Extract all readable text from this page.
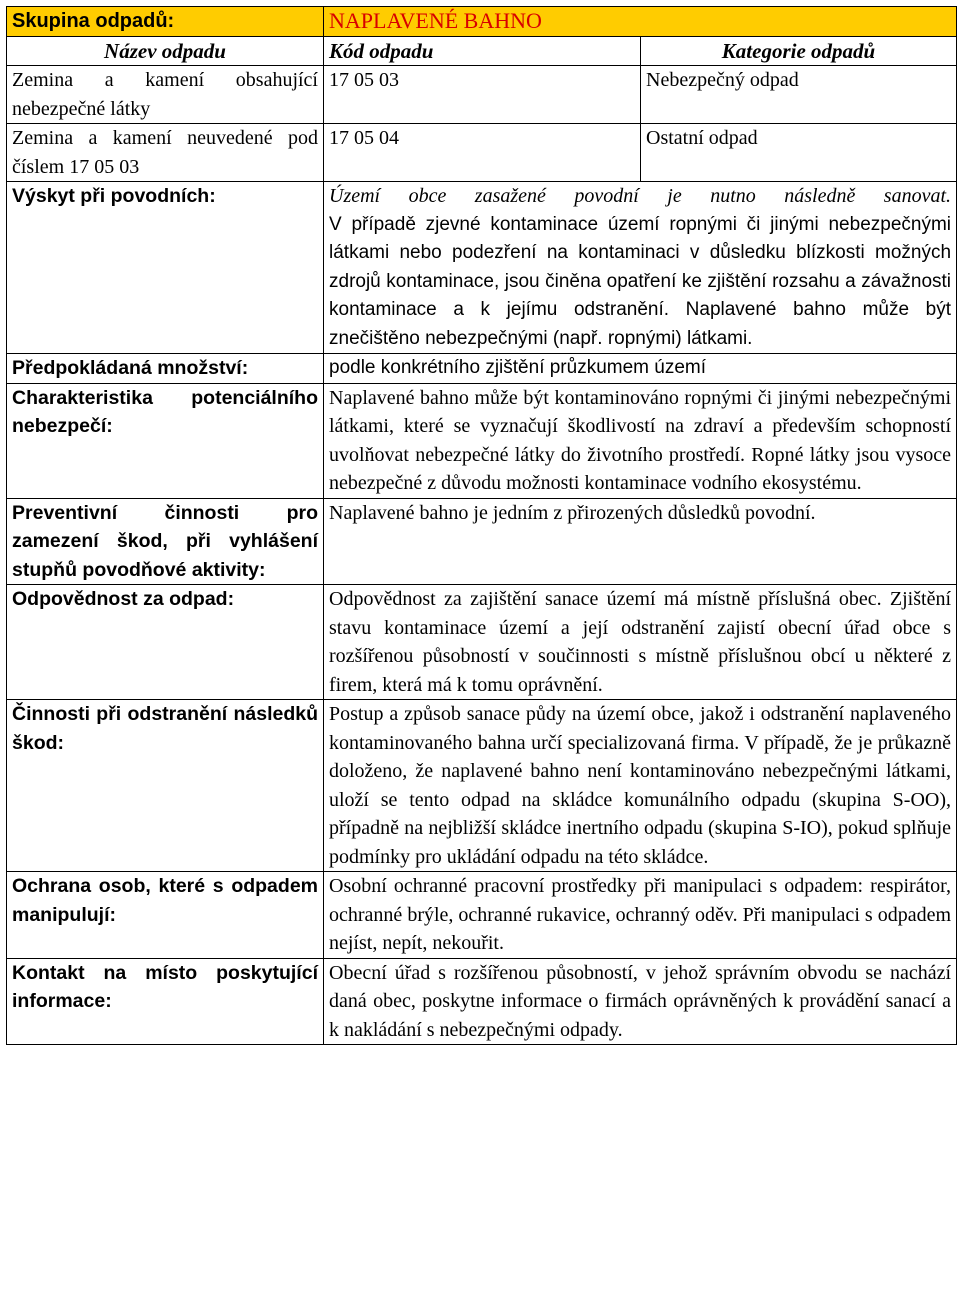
Skupina odpadů:	NAPLAVENÉ BAHNO	
Název odpadu	Kód odpadu	Kategorie odpadů
Zemina a kamení obsahující nebezpečné látky	17 05 03	Nebezpečný odpad
Zemina a kamení neuvedené pod číslem 17 05 03	17 05 04	Ostatní odpad
Výskyt při povodních:	Území obce zasažené povodní je nutno následně sanovat.
V případě zjevné kontaminace území ropnými či jinými nebezpečnými látkami nebo podezření na kontaminaci v důsledku blízkosti možných zdrojů kontaminace, jsou činěna opatření ke zjištění rozsahu a závažnosti kontaminace a k jejímu odstranění. Naplavené bahno může být znečištěno nebezpečnými (např. ropnými) látkami.	

Předpokládaná množství:	podle konkrétního zjištění průzkumem území	
Charakteristika potenciálního nebezpečí:	Naplavené bahno může být kontaminováno ropnými či jinými nebezpečnými látkami, které se vyznačují škodlivostí na zdraví a především schopností uvolňovat nebezpečné látky do životního prostředí. Ropné látky jsou vysoce nebezpečné z důvodu možnosti kontaminace vodního ekosystému.	
Preventivní činnosti pro zamezení škod, při vyhlášení stupňů povodňové aktivity:	Naplavené bahno je jedním z přirozených důsledků povodní.	
Odpovědnost za odpad:	Odpovědnost za zajištění sanace území má místně příslušná obec. Zjištění stavu kontaminace území a její odstranění zajistí obecní úřad obce s rozšířenou působností v součinnosti s místně příslušnou obcí u některé z firem, která má k tomu oprávnění.	
Činnosti při odstranění následků škod:	Postup a způsob sanace půdy na území obce, jakož i odstranění naplaveného kontaminovaného bahna určí specializovaná firma. V případě, že je průkazně doloženo, že naplavené bahno není kontaminováno nebezpečnými látkami, uloží se tento odpad na skládce komunálního odpadu (skupina S-OO), případně na nejbližší skládce inertního odpadu (skupina S-IO), pokud splňuje podmínky pro ukládání odpadu na této skládce.	
Ochrana osob, které s odpadem manipulují:	Osobní ochranné pracovní prostředky při manipulaci s odpadem: respirátor, ochranné brýle, ochranné rukavice, ochranný oděv. Při manipulaci s odpadem nejíst, nepít, nekouřit.	
Kontakt na místo poskytující informace:	Obecní úřad s rozšířenou působností, v jehož správním obvodu se nachází daná obec, poskytne informace o firmách oprávněných k provádění sanací a k nakládání s nebezpečnými odpady.	
